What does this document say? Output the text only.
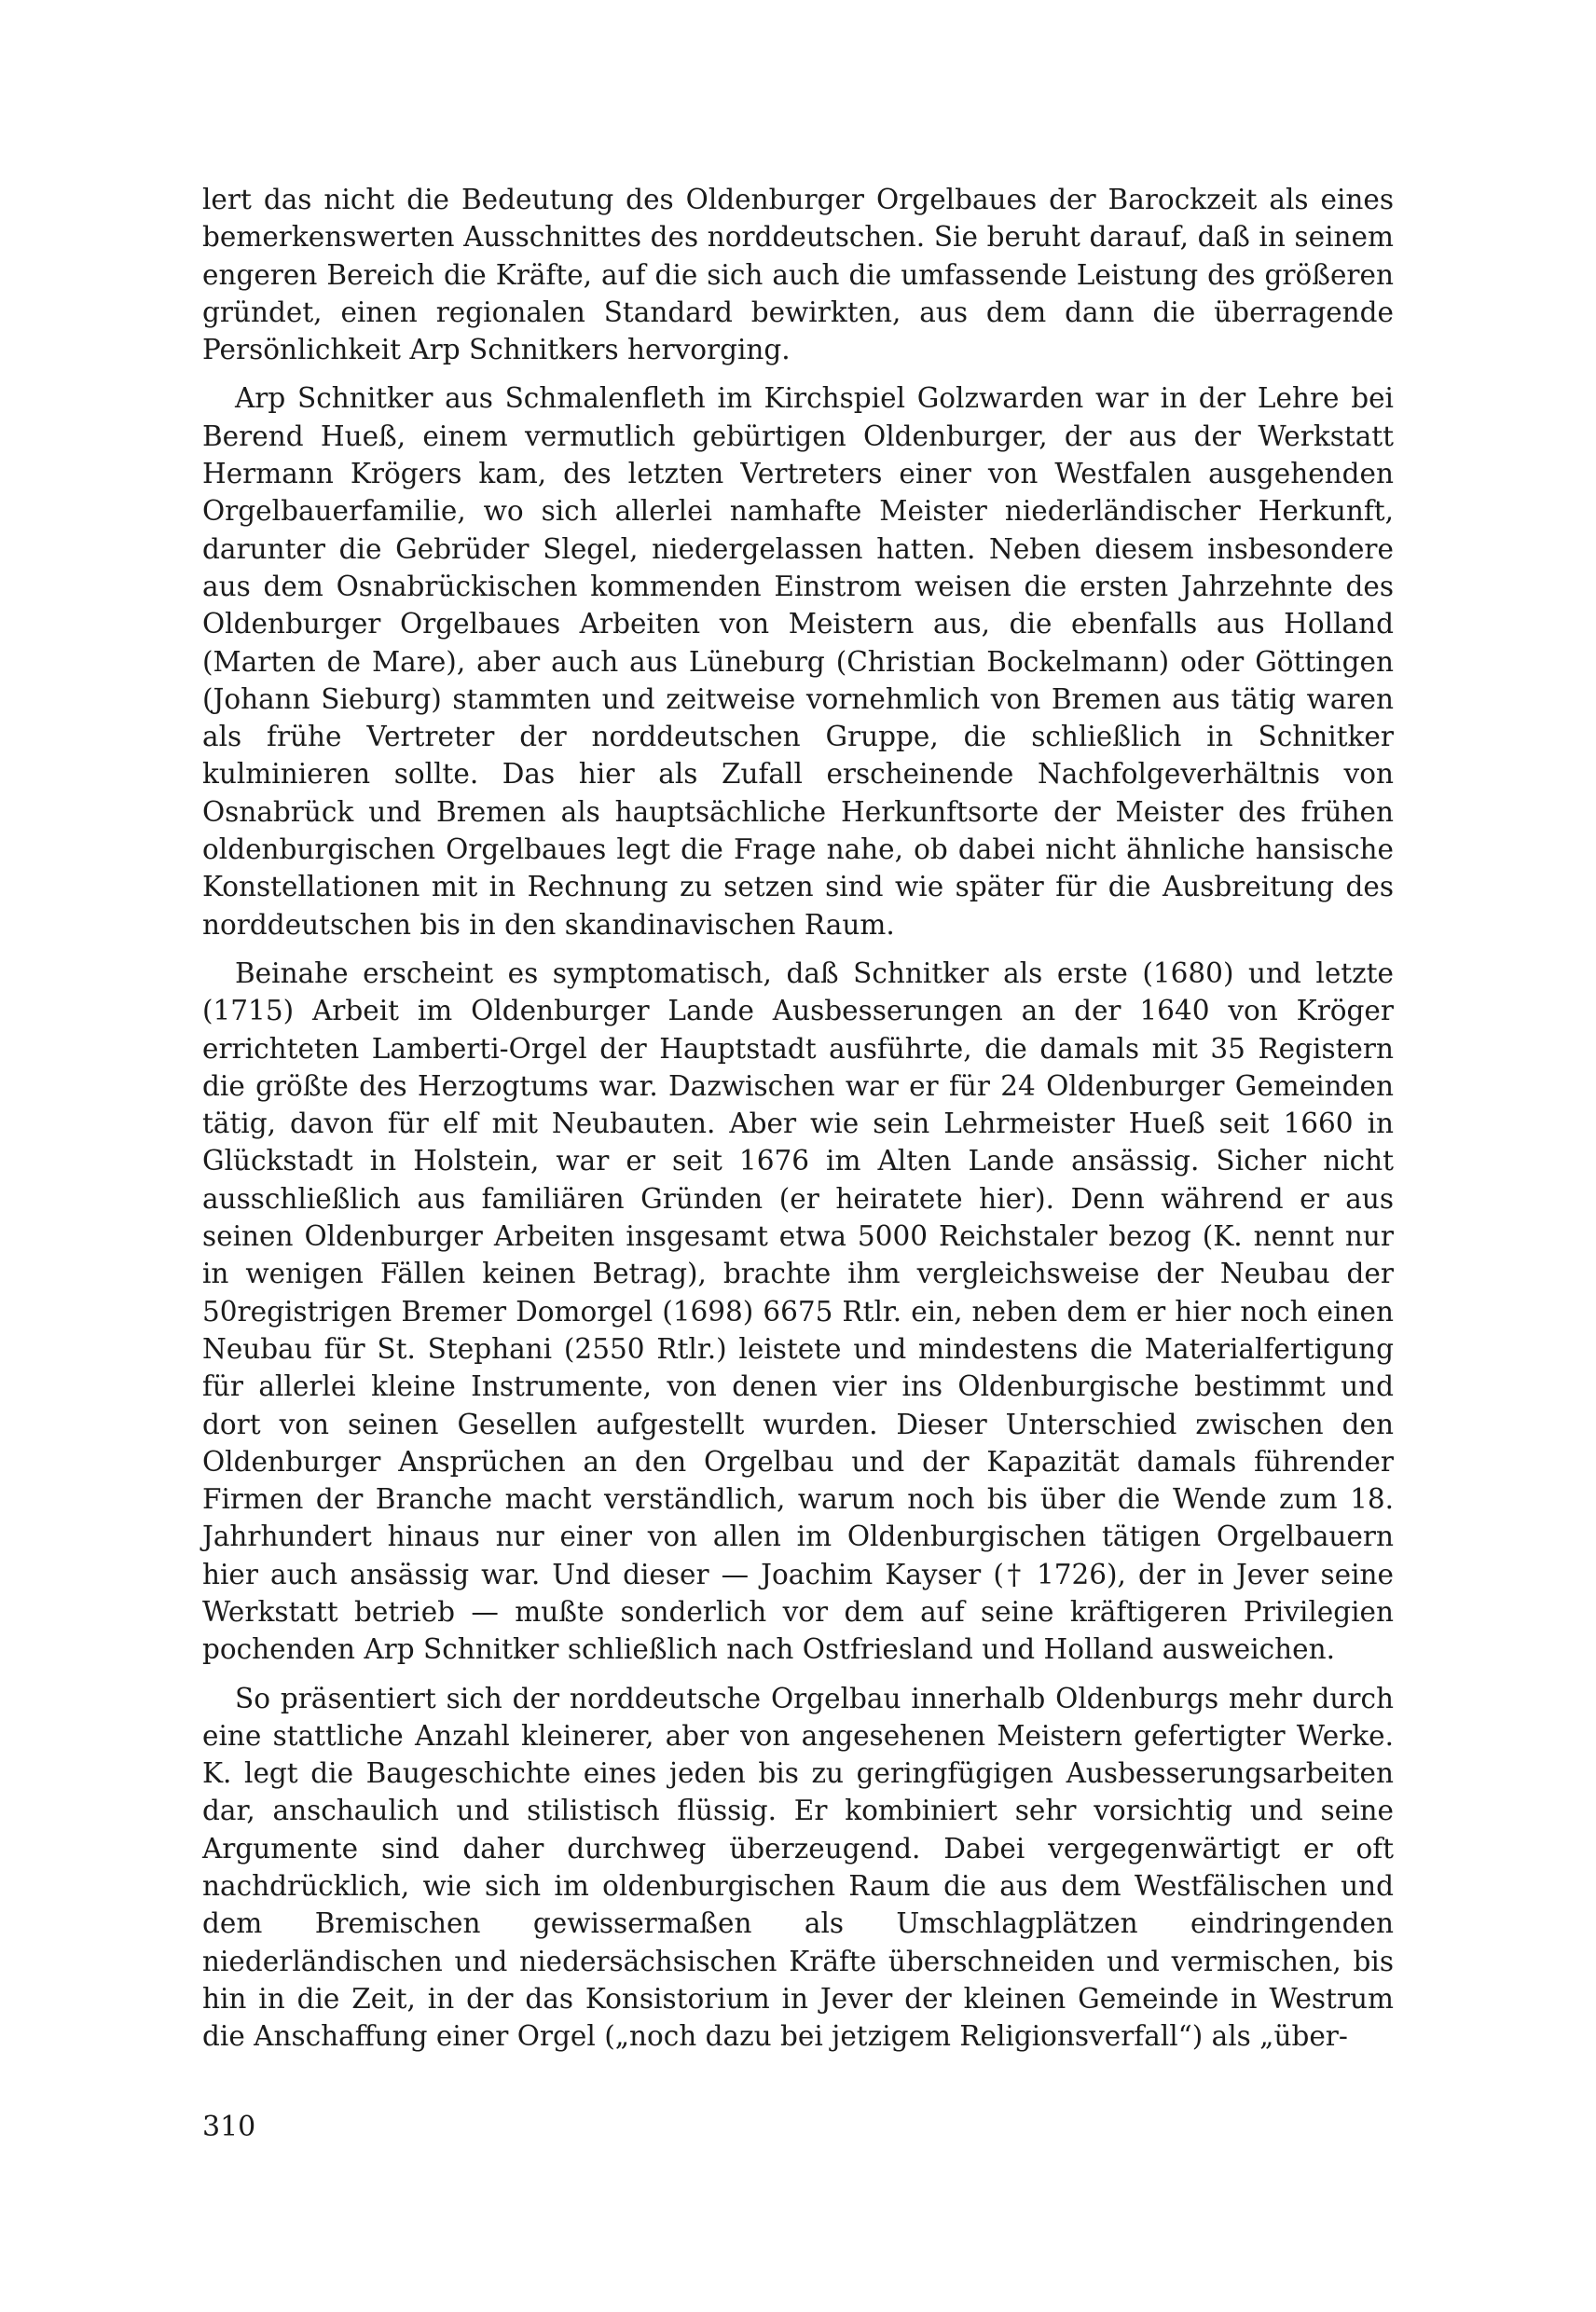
lert das nicht die Bedeutung des Oldenburger Orgelbaues der Barockzeit als eines bemerkenswerten Ausschnittes des norddeutschen. Sie beruht darauf, daß in seinem engeren Bereich die Kräfte, auf die sich auch die umfassende Leistung des größeren gründet, einen regionalen Standard bewirkten, aus dem dann die überragende Persönlichkeit Arp Schnitkers hervorging.

Arp Schnitker aus Schmalenfleth im Kirchspiel Golzwarden war in der Lehre bei Berend Hueß, einem vermutlich gebürtigen Oldenburger, der aus der Werkstatt Hermann Krögers kam, des letzten Vertreters einer von Westfalen ausgehenden Orgelbauerfamilie, wo sich allerlei namhafte Meister niederländischer Herkunft, darunter die Gebrüder Slegel, niedergelassen hatten. Neben diesem insbesondere aus dem Osnabrückischen kommenden Einstrom weisen die ersten Jahrzehnte des Oldenburger Orgelbaues Arbeiten von Meistern aus, die ebenfalls aus Holland (Marten de Mare), aber auch aus Lüneburg (Christian Bockelmann) oder Göttingen (Johann Sieburg) stammten und zeitweise vornehmlich von Bremen aus tätig waren als frühe Vertreter der norddeutschen Gruppe, die schließlich in Schnitker kulminieren sollte. Das hier als Zufall erscheinende Nachfolgeverhältnis von Osnabrück und Bremen als hauptsächliche Herkunftsorte der Meister des frühen oldenburgischen Orgelbaues legt die Frage nahe, ob dabei nicht ähnliche hansische Konstellationen mit in Rechnung zu setzen sind wie später für die Ausbreitung des norddeutschen bis in den skandinavischen Raum.

Beinahe erscheint es symptomatisch, daß Schnitker als erste (1680) und letzte (1715) Arbeit im Oldenburger Lande Ausbesserungen an der 1640 von Kröger errichteten Lamberti-Orgel der Hauptstadt ausführte, die damals mit 35 Registern die größte des Herzogtums war. Dazwischen war er für 24 Oldenburger Gemeinden tätig, davon für elf mit Neubauten. Aber wie sein Lehrmeister Hueß seit 1660 in Glückstadt in Holstein, war er seit 1676 im Alten Lande ansässig. Sicher nicht ausschließlich aus familiären Gründen (er heiratete hier). Denn während er aus seinen Oldenburger Arbeiten insgesamt etwa 5000 Reichstaler bezog (K. nennt nur in wenigen Fällen keinen Betrag), brachte ihm vergleichsweise der Neubau der 50registrigen Bremer Domorgel (1698) 6675 Rtlr. ein, neben dem er hier noch einen Neubau für St. Stephani (2550 Rtlr.) leistete und mindestens die Materialfertigung für allerlei kleine Instrumente, von denen vier ins Oldenburgische bestimmt und dort von seinen Gesellen aufgestellt wurden. Dieser Unterschied zwischen den Oldenburger Ansprüchen an den Orgelbau und der Kapazität damals führender Firmen der Branche macht verständlich, warum noch bis über die Wende zum 18. Jahrhundert hinaus nur einer von allen im Oldenburgischen tätigen Orgelbauern hier auch ansässig war. Und dieser — Joachim Kayser († 1726), der in Jever seine Werkstatt betrieb — mußte sonderlich vor dem auf seine kräftigeren Privilegien pochenden Arp Schnitker schließlich nach Ostfriesland und Holland ausweichen.

So präsentiert sich der norddeutsche Orgelbau innerhalb Oldenburgs mehr durch eine stattliche Anzahl kleinerer, aber von angesehenen Meistern gefertigter Werke. K. legt die Baugeschichte eines jeden bis zu geringfügigen Ausbesserungsarbeiten dar, anschaulich und stilistisch flüssig. Er kombiniert sehr vorsichtig und seine Argumente sind daher durchweg überzeugend. Dabei vergegenwärtigt er oft nachdrücklich, wie sich im oldenburgischen Raum die aus dem Westfälischen und dem Bremischen gewissermaßen als Umschlagplätzen eindringenden niederländischen und niedersächsischen Kräfte überschneiden und vermischen, bis hin in die Zeit, in der das Konsistorium in Jever der kleinen Gemeinde in Westrum die Anschaffung einer Orgel („noch dazu bei jetzigem Religionsverfall“) als „über-

310
